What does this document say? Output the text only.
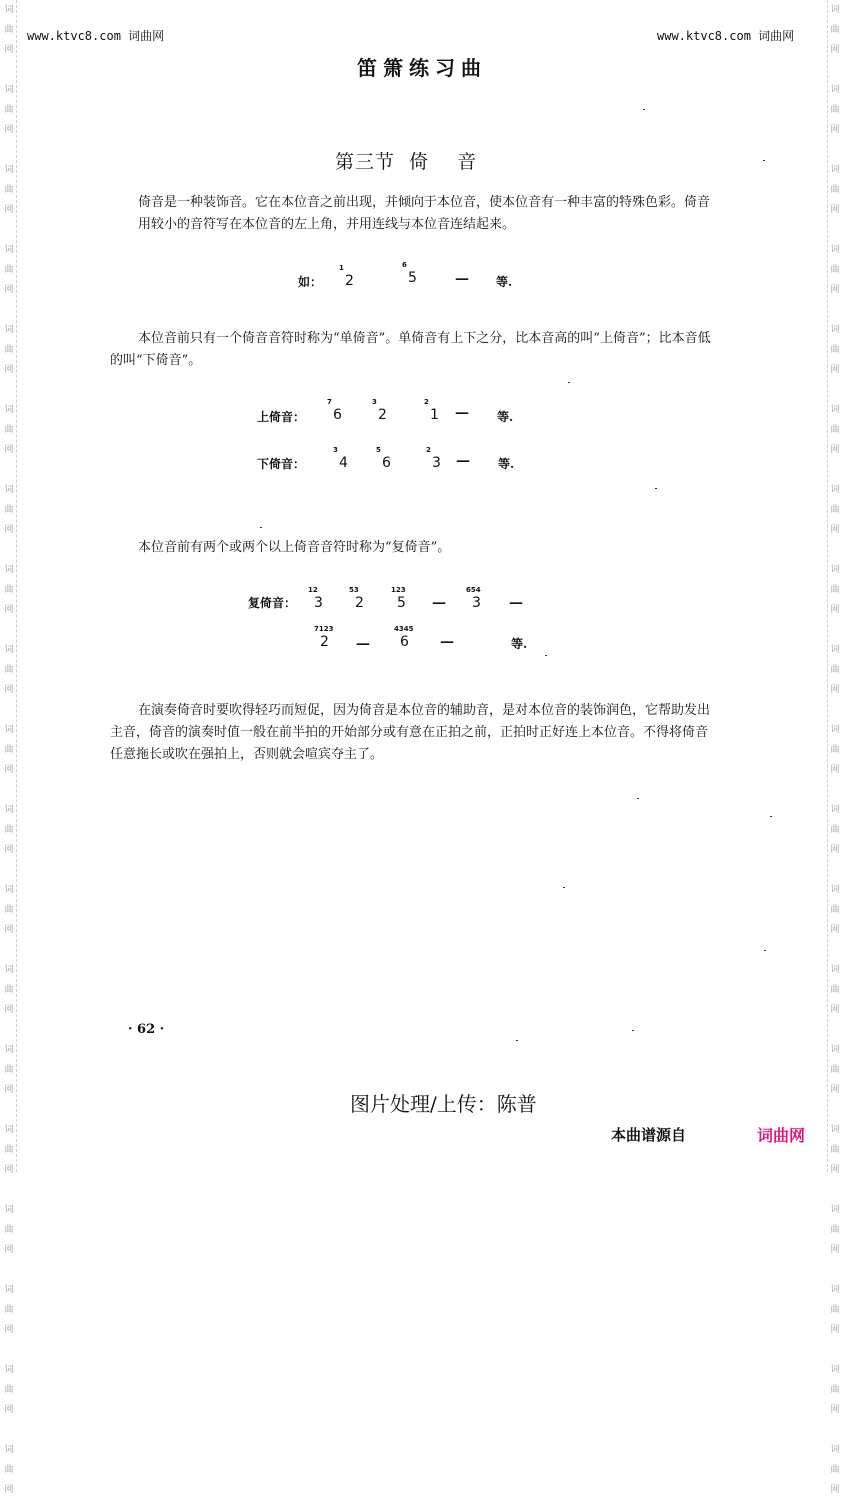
词
曲
网

词
曲
网

词
曲
网

词
曲
网

词
曲
网

词
曲
网

词
曲
网

词
曲
网

词
曲
网

词
曲
网

词
曲
网

词
曲
网

词
曲
网

词
曲
网

词
曲
网

词
曲
网

词
曲
网

词
曲
网

词
曲
网
词
曲
网

词
曲
网

词
曲
网

词
曲
网

词
曲
网

词
曲
网

词
曲
网

词
曲
网

词
曲
网

词
曲
网

词
曲
网

词
曲
网

词
曲
网

词
曲
网

词
曲
网

词
曲
网

词
曲
网

词
曲
网

词
曲
网
www.ktvc8.com 词曲网	www.ktvc8.com 词曲网
笛箫练习曲
第三节  倚    音
倚音是一种装饰音。它在本位音之前出现，并倾向于本位音，使本位音有一种丰富的特殊色彩。倚音用较小的音符写在本位音的左上角，并用连线与本位音连结起来。
如：
1
2
6
5	— 等.
本位音前只有一个倚音音符时称为“单倚音”。单倚音有上下之分，比本音高的叫“上倚音”；比本音低的叫“下倚音”。
上倚音：
7
6
3
2
2
1 — 等.
下倚音：
3
4
5
6
2
3 — 等.
本位音前有两个或两个以上倚音音符时称为“复倚音”。
复倚音：
12
3
53
2
123
5 —
654
3 —
7123
2 —
4345
6 —	等.
在演奏倚音时要吹得轻巧而短促，因为倚音是本位音的辅助音，是对本位音的装饰润色，它帮助发出主音，倚音的演奏时值一般在前半拍的开始部分或有意在正拍之前，正拍时正好连上本位音。不得将倚音任意拖长或吹在强拍上，否则就会喧宾夺主了。
· 62 ·
图片处理/上传：陈普
本曲谱源自	词曲网
